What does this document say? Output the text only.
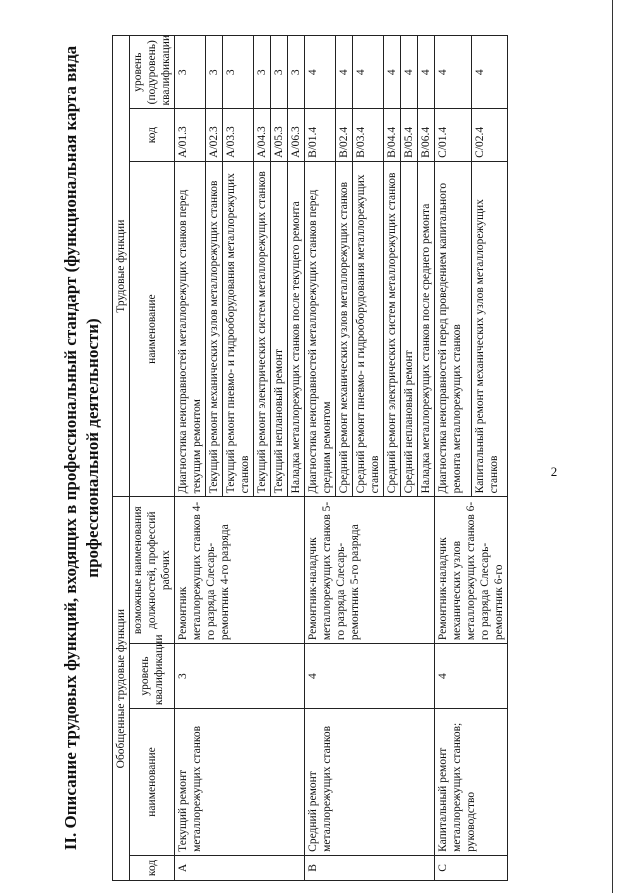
II. Описание трудовых функций, входящих в профессиональный стандарт (функциональная карта вида профессиональной деятельности)
Обобщенные трудовые функции				Трудовые функции		
код	наименование	уровень квалификации	возможные наименования должностей, профессий рабочих	наименование	код	уровень (подуровень) квалификации
A	Текущий ремонт металлорежущих станков	3	Ремонтник металлорежущих станков 4-го разряда Слесарь-ремонтник 4-го разряда	Диагностика неисправностей металлорежущих станков перед текущим ремонтом	A/01.3	3
				Текущий ремонт механических узлов металлорежущих станков	A/02.3	3
				Текущий ремонт пневмо- и гидрооборудования металлорежущих станков	A/03.3	3
				Текущий ремонт электрических систем металлорежущих станков	A/04.3	3
				Текущий неплановый ремонт	A/05.3	3
				Наладка металлорежущих станков после текущего ремонта	A/06.3	3
B	Средний ремонт металлорежущих станков	4	Ремонтник-наладчик металлорежущих станков 5-го разряда Слесарь-ремонтник 5-го разряда	Диагностика неисправностей металлорежущих станков перед средним ремонтом	B/01.4	4
				Средний ремонт механических узлов металлорежущих станков	B/02.4	4
				Средний ремонт пневмо- и гидрооборудования металлорежущих станков	B/03.4	4
				Средний ремонт электрических систем металлорежущих станков	B/04.4	4
				Средний неплановый ремонт	B/05.4	4
				Наладка металлорежущих станков после среднего ремонта	B/06.4	4
C	Капитальный ремонт металлорежущих станков; руководство	4	Ремонтник-наладчик механических узлов металлорежущих станков 6-го разряда Слесарь-ремонтник 6-го	Диагностика неисправностей перед проведением капитального ремонта металлорежущих станков	C/01.4	4
				Капитальный ремонт механических узлов металлорежущих станков	C/02.4	4
2
